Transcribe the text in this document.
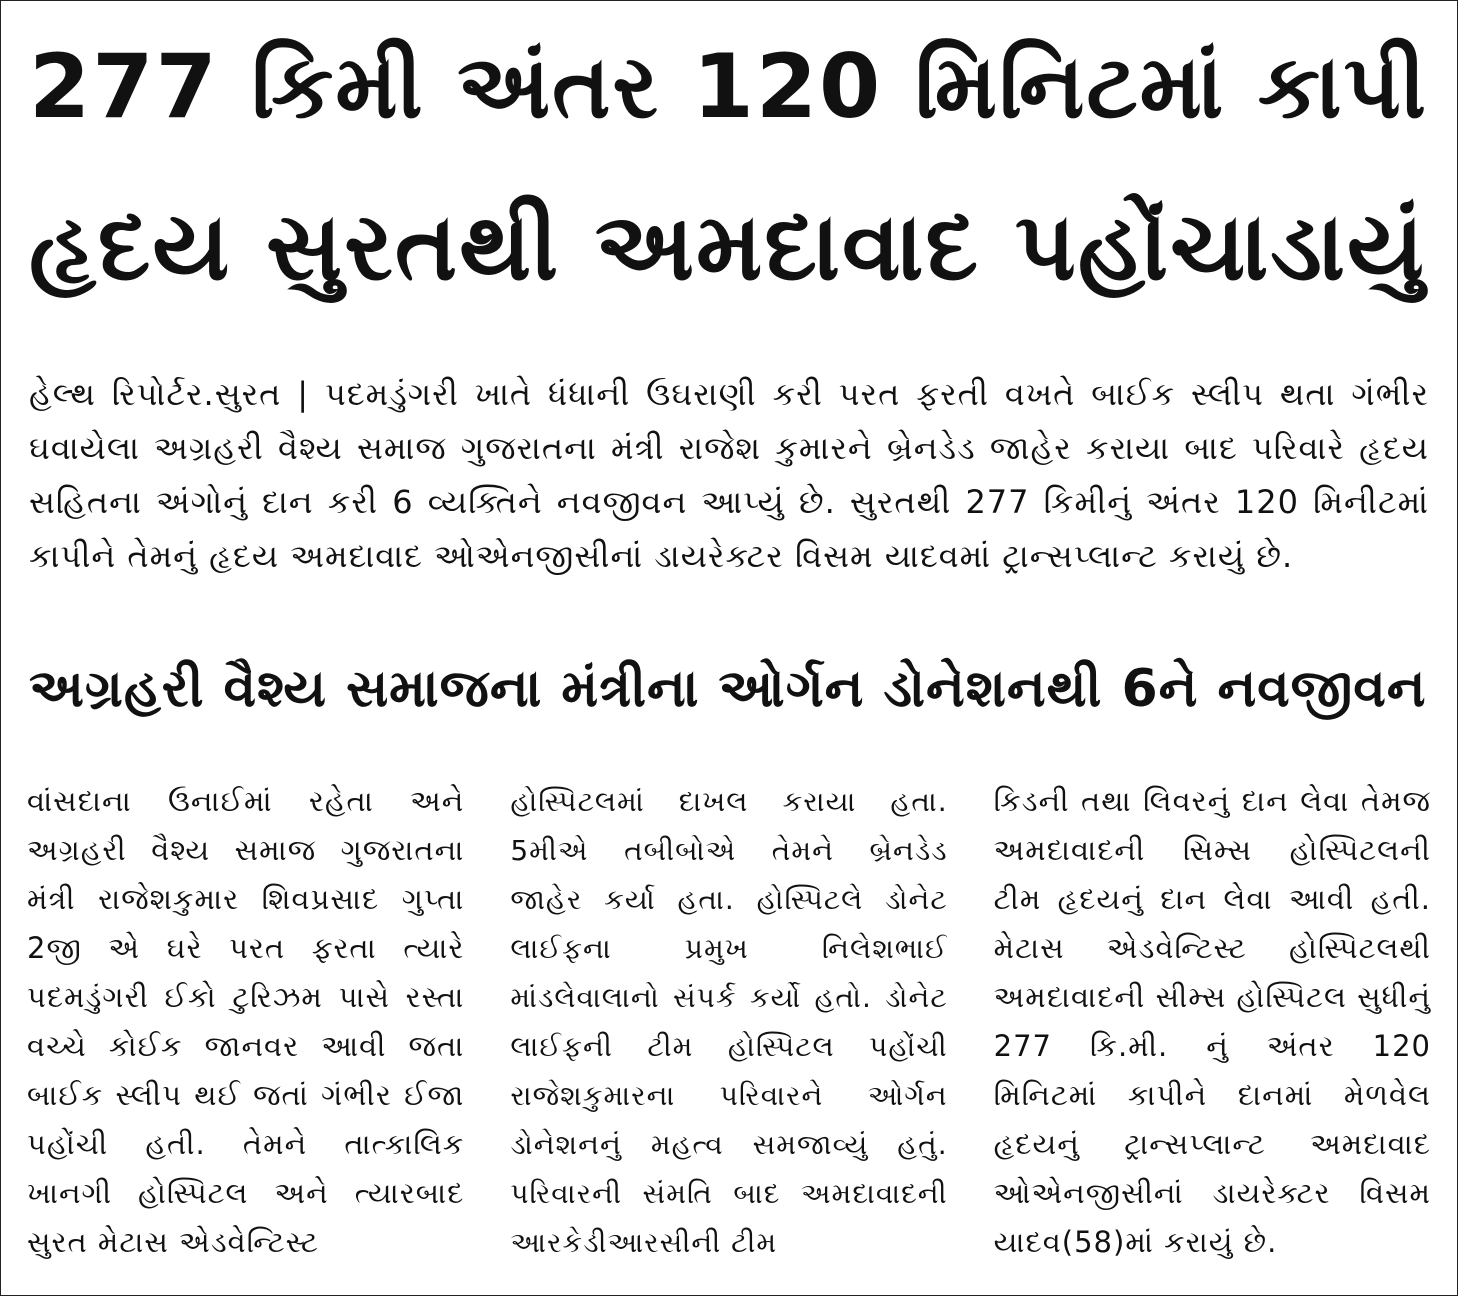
277 કિમી અંતર 120 મિનિટમાં કાપી
હૃદય સુરતથી અમદાવાદ પહોંચાડાયું

હેલ્થ રિપોર્ટર.સુરત | પદમડુંગરી ખાતે ધંધાની ઉઘરાણી કરી પરત ફરતી વખતે બાઈક સ્લીપ થતા ગંભીર ઘવાયેલા અગ્રહરી વૈશ્ય સમાજ ગુજરાતના મંત્રી રાજેશ કુમારને બ્રેનડેડ જાહેર કરાયા બાદ પરિવારે હૃદય સહિતના અંગોનું દાન કરી 6 વ્યક્તિને નવજીવન આપ્યું છે. સુરતથી 277 કિમીનું અંતર 120 મિનીટમાં કાપીને તેમનું હૃદય અમદાવાદ ઓએનજીસીનાં ડાયરેક્ટર વિસમ યાદવમાં ટ્રાન્સપ્લાન્ટ કરાયું છે.

અગ્રહરી વૈશ્ય સમાજના મંત્રીના ઓર્ગન ડોનેશનથી 6ને નવજીવન

વાંસદાના ઉનાઈમાં રહેતા અને અગ્રહરી વૈશ્ય સમાજ ગુજરાતના મંત્રી રાજેશકુમાર શિવપ્રસાદ ગુપ્તા 2જી એ ઘરે પરત ફરતા ત્યારે પદમડુંગરી ઈકો ટુરિઝમ પાસે રસ્તા વચ્ચે કોઈક જાનવર આવી જતા બાઈક સ્લીપ થઈ જતાં ગંભીર ઈજા પહોંચી હતી. તેમને તાત્કાલિક ખાનગી હોસ્પિટલ અને ત્યારબાદ સુરત મેટાસ એડવેન્ટિસ્ટ

હોસ્પિટલમાં દાખલ કરાયા હતા. 5મીએ તબીબોએ તેમને બ્રેનડેડ જાહેર કર્યા હતા. હોસ્પિટલે ડોનેટ લાઈફના પ્રમુખ નિલેશભાઈ માંડલેવાલાનો સંપર્ક કર્યો હતો. ડોનેટ લાઈફની ટીમ હોસ્પિટલ પહોંચી રાજેશકુમારના પરિવારને ઓર્ગન ડોનેશનનું મહત્વ સમજાવ્યું હતું. પરિવારની સંમતિ બાદ અમદાવાદની આરકેડીઆરસીની ટીમ

કિડની તથા લિવરનું દાન લેવા તેમજ અમદાવાદની સિમ્સ હોસ્પિટલની ટીમ હૃદયનું દાન લેવા આવી હતી. મેટાસ એડવેન્ટિસ્ટ હોસ્પિટલથી અમદાવાદની સીમ્સ હોસ્પિટલ સુધીનું 277 કિ.મી. નું અંતર 120 મિનિટમાં કાપીને દાનમાં મેળવેલ હૃદયનું ટ્રાન્સપ્લાન્ટ અમદાવાદ ઓએનજીસીનાં ડાયરેક્ટર વિસમ યાદવ(58)માં કરાયું છે.
